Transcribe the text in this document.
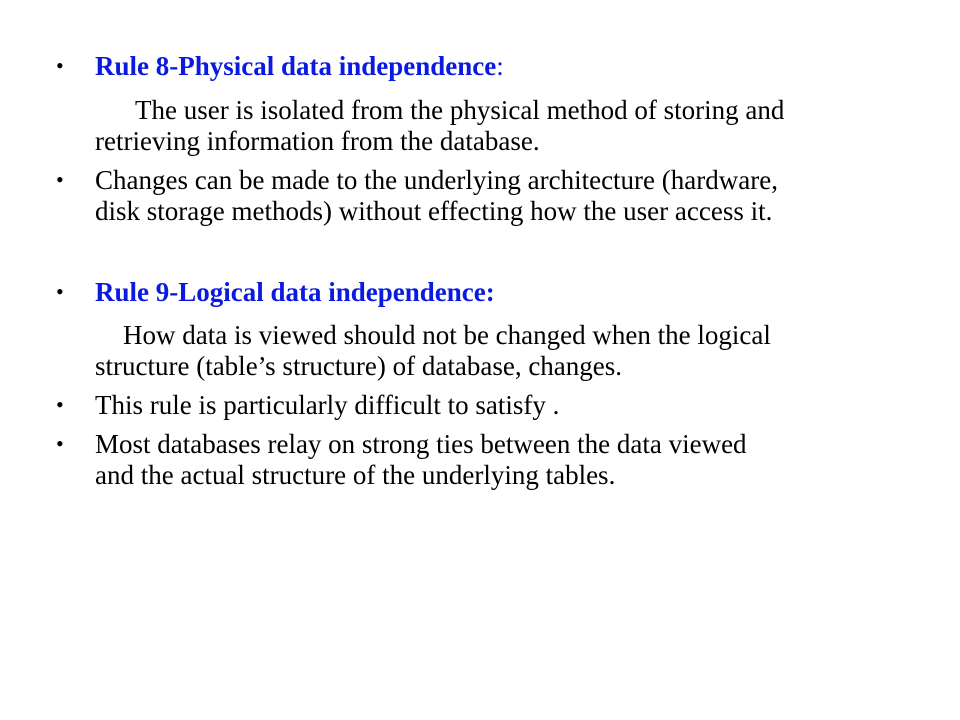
• Rule 8-Physical data independence:
The user is isolated from the physical method of storing and
retrieving information from the database.
• Changes can be made to the underlying architecture (hardware,
disk storage methods) without effecting how the user access it.
• Rule 9-Logical data independence:
How data is viewed should not be changed when the logical
structure (table’s structure) of database, changes.
• This rule is particularly difficult to satisfy .
• Most databases relay on strong ties between the data viewed
and the actual structure of the underlying tables.
